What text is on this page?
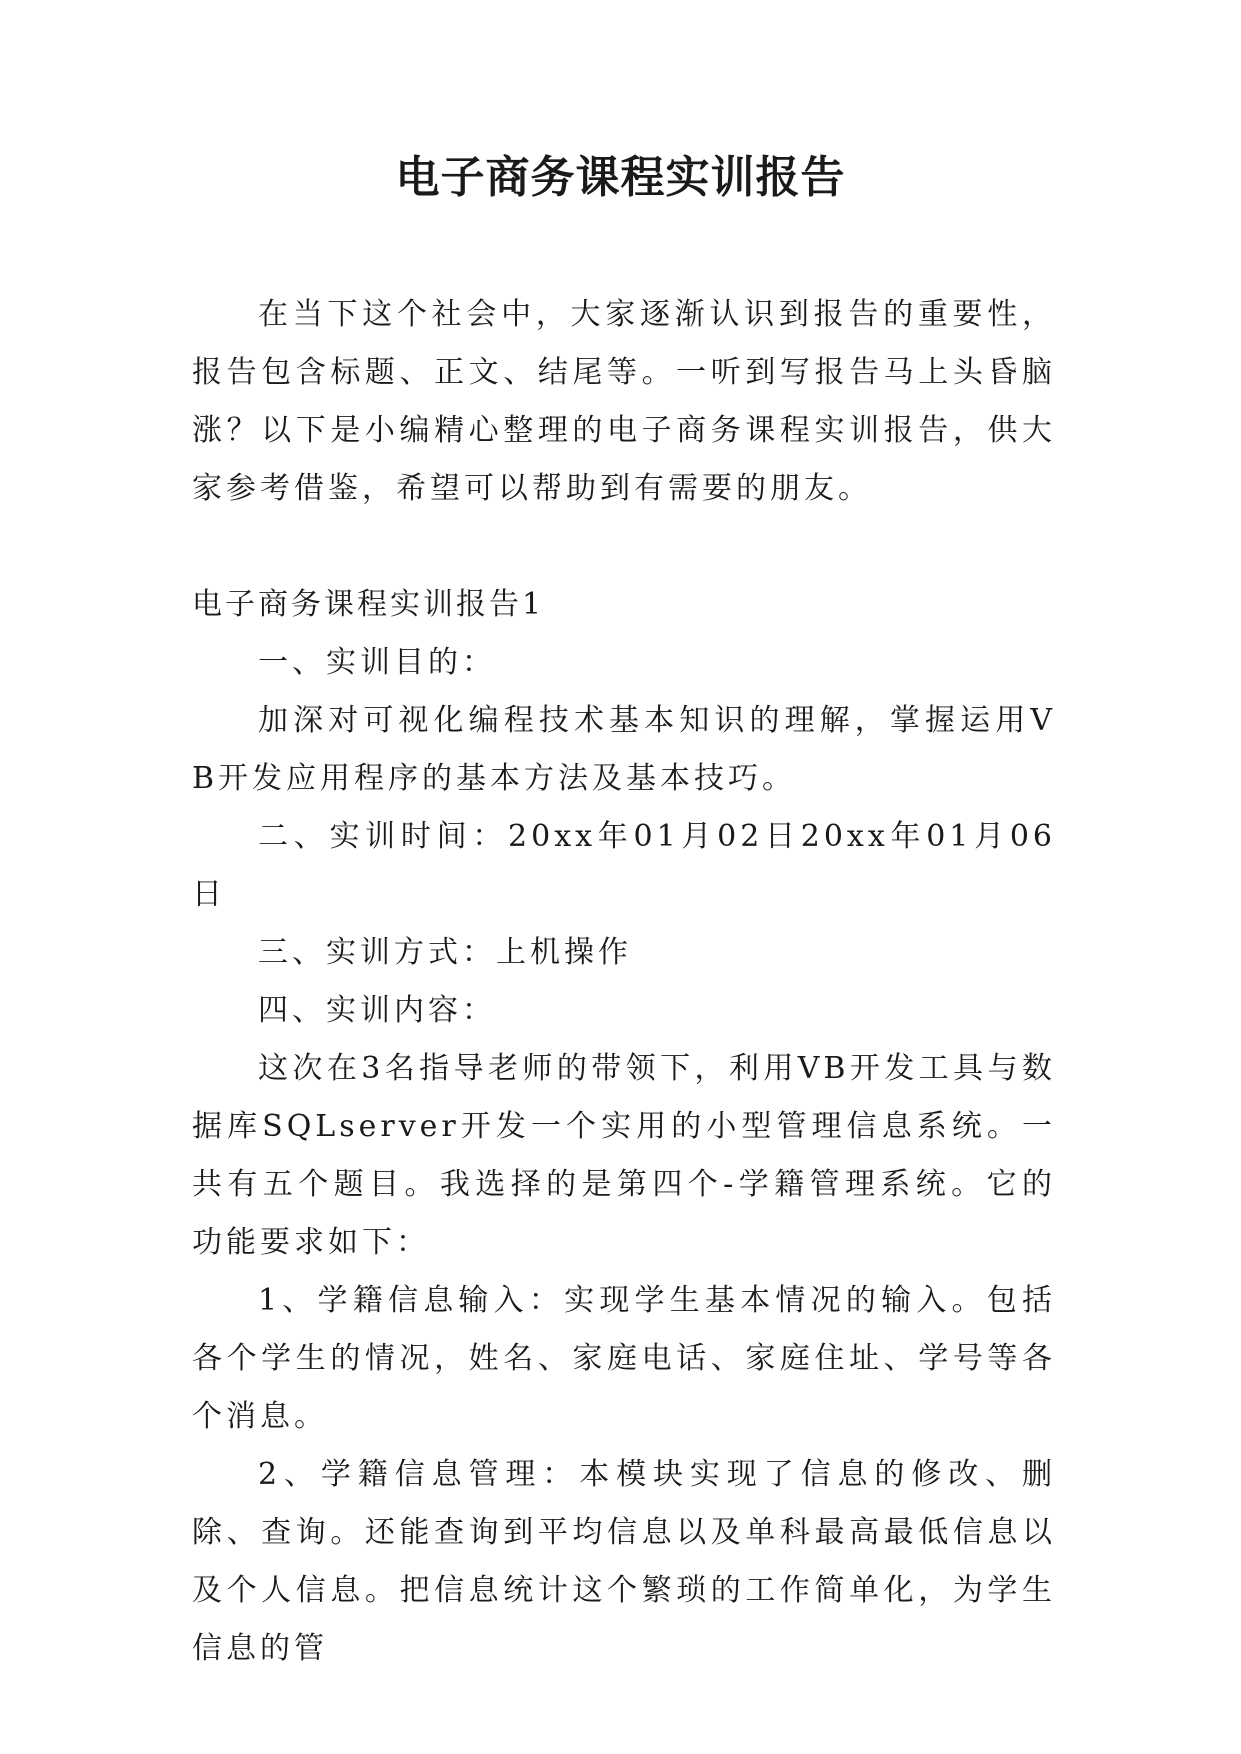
电子商务课程实训报告

在当下这个社会中，大家逐渐认识到报告的重要性，报告包含标题、正文、结尾等。一听到写报告马上头昏脑涨？以下是小编精心整理的电子商务课程实训报告，供大家参考借鉴，希望可以帮助到有需要的朋友。

电子商务课程实训报告1

一、实训目的：

加深对可视化编程技术基本知识的理解，掌握运用VB开发应用程序的基本方法及基本技巧。

二、实训时间：20xx年01月02日20xx年01月06日

三、实训方式：上机操作

四、实训内容：

这次在3名指导老师的带领下，利用VB开发工具与数据库SQLserver开发一个实用的小型管理信息系统。一共有五个题目。我选择的是第四个-学籍管理系统。它的功能要求如下：

1、学籍信息输入：实现学生基本情况的输入。包括各个学生的情况，姓名、家庭电话、家庭住址、学号等各个消息。

2、学籍信息管理：本模块实现了信息的修改、删除、查询。还能查询到平均信息以及单科最高最低信息以及个人信息。把信息统计这个繁琐的工作简单化，为学生信息的管
